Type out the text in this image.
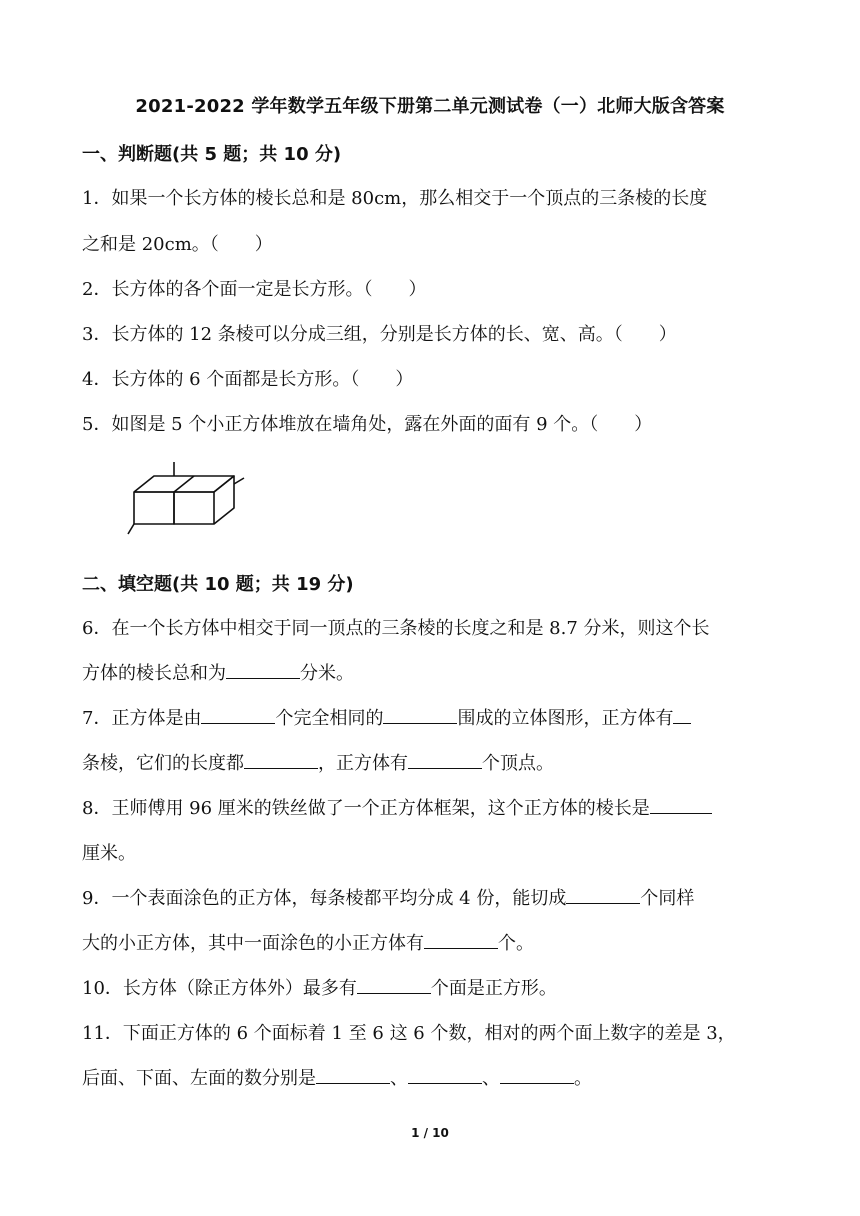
2021-2022 学年数学五年级下册第二单元测试卷（一）北师大版含答案
一、判断题(共 5 题；共 10 分)
1．如果一个长方体的棱长总和是 80cm，那么相交于一个顶点的三条棱的长度
之和是 20cm。（　　）
2．长方体的各个面一定是长方形。（　　）
3．长方体的 12 条棱可以分成三组，分别是长方体的长、宽、高。（　　）
4．长方体的 6 个面都是长方形。（　　）
5．如图是 5 个小正方体堆放在墙角处，露在外面的面有 9 个。（　　）
二、填空题(共 10 题；共 19 分)
6．在一个长方体中相交于同一顶点的三条棱的长度之和是 8.7 分米，则这个长
方体的棱长总和为	分米。
7．正方体是由	个完全相同的	围成的立体图形，正方体有
条棱，它们的长度都	，正方体有	个顶点。
8．王师傅用 96 厘米的铁丝做了一个正方体框架，这个正方体的棱长是
厘米。
9．一个表面涂色的正方体，每条棱都平均分成 4 份，能切成	个同样
大的小正方体，其中一面涂色的小正方体有	个。
10．长方体（除正方体外）最多有	个面是正方形。
11．下面正方体的 6 个面标着 1 至 6 这 6 个数，相对的两个面上数字的差是 3，
后面、下面、左面的数分别是	、	、	。
1 / 10
